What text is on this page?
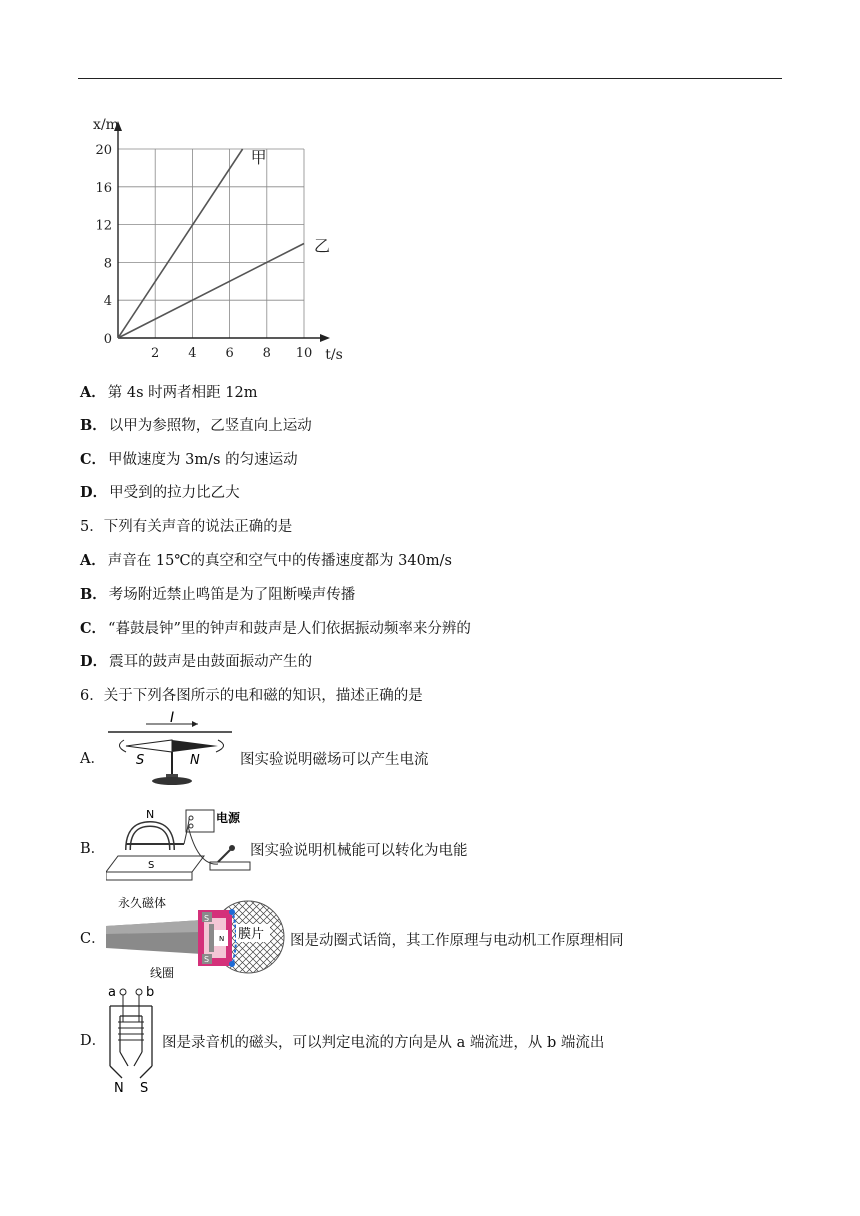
2 4 6 8 10
0
4
8
12
16
20
t/s
x/m
甲
乙
A． 第 4s 时两者相距 12m
B． 以甲为参照物，乙竖直向上运动
C． 甲做速度为 3m/s 的匀速运动
D． 甲受到的拉力比乙大
5．下列有关声音的说法正确的是
A． 声音在 15℃的真空和空气中的传播速度都为 340m/s
B． 考场附近禁止鸣笛是为了阻断噪声传播
C． “暮鼓晨钟”里的钟声和鼓声是人们依据振动频率来分辨的
D． 震耳的鼓声是由鼓面振动产生的
6．关于下列各图所示的电和磁的知识，描述正确的是
A．
I
S	N	图实验说明磁场可以产生电流
B．
N
S
电源
图实验说明机械能可以转化为电能
C．
永久磁体
S
N
S
膜片
线圈
图是动圈式话筒，其工作原理与电动机工作原理相同
D．
a b
N S
图是录音机的磁头，可以判定电流的方向是从 a 端流进，从 b 端流出
